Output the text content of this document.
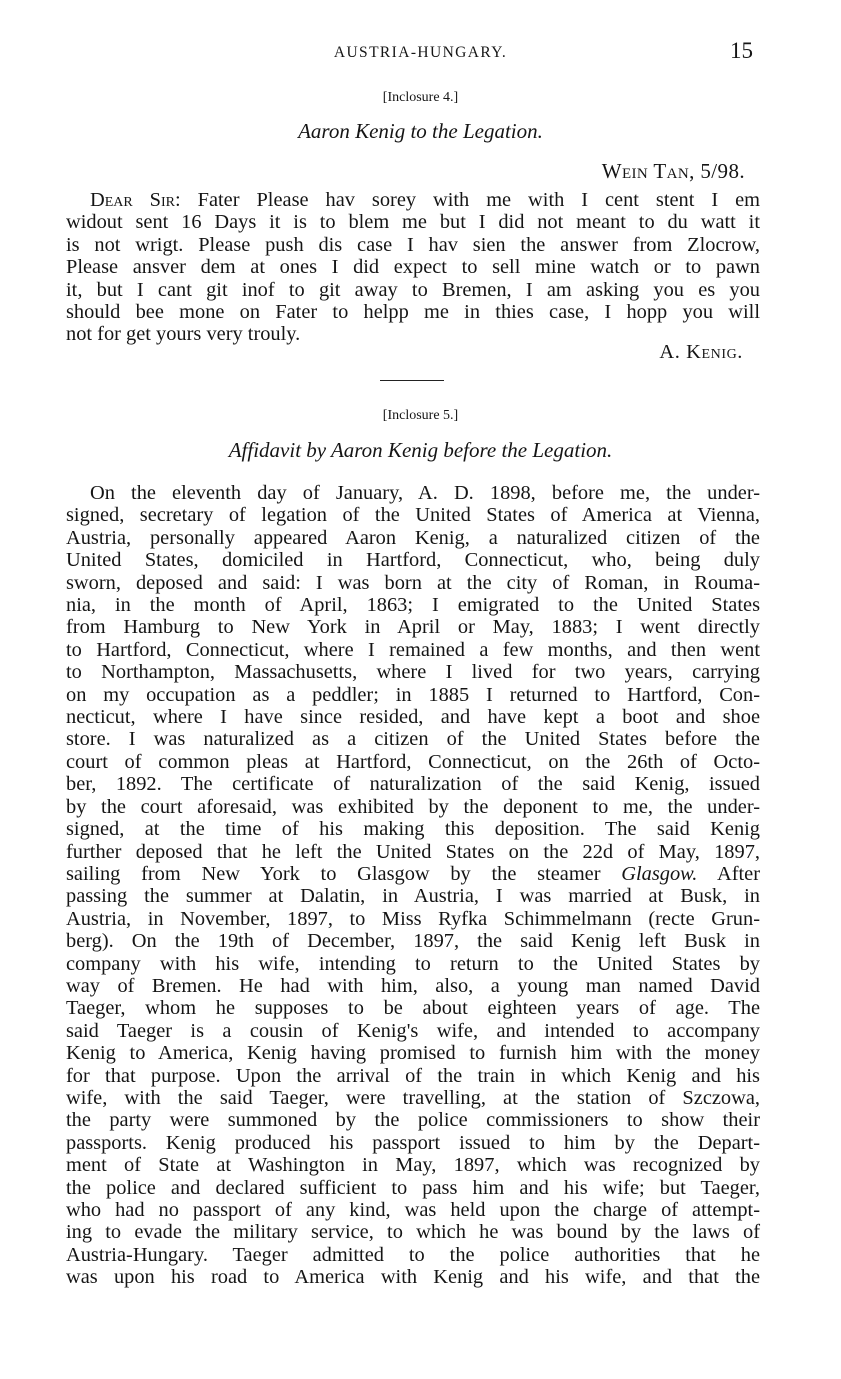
AUSTRIA-HUNGARY.	15
[Inclosure 4.]
Aaron Kenig to the Legation.
Wein Tan, 5/98.
Dear Sir: Fater Please hav sorey with me with I cent stent I em
widout sent 16 Days it is to blem me but I did not meant to du watt it
is not wrigt. Please push dis case I hav sien the answer from Zlocrow,
Please ansver dem at ones I did expect to sell mine watch or to pawn
it, but I cant git inof to git away to Bremen, I am asking you es you
should bee mone on Fater to helpp me in thies case, I hopp you will
not for get yours very trouly.
A. Kenig.
[Inclosure 5.]
Affidavit by Aaron Kenig before the Legation.
On the eleventh day of January, A. D. 1898, before me, the under-
signed, secretary of legation of the United States of America at Vienna,
Austria, personally appeared Aaron Kenig, a naturalized citizen of the
United States, domiciled in Hartford, Connecticut, who, being duly
sworn, deposed and said: I was born at the city of Roman, in Rouma-
nia, in the month of April, 1863; I emigrated to the United States
from Hamburg to New York in April or May, 1883; I went directly
to Hartford, Connecticut, where I remained a few months, and then went
to Northampton, Massachusetts, where I lived for two years, carrying
on my occupation as a peddler; in 1885 I returned to Hartford, Con-
necticut, where I have since resided, and have kept a boot and shoe
store. I was naturalized as a citizen of the United States before the
court of common pleas at Hartford, Connecticut, on the 26th of Octo-
ber, 1892. The certificate of naturalization of the said Kenig, issued
by the court aforesaid, was exhibited by the deponent to me, the under-
signed, at the time of his making this deposition. The said Kenig
further deposed that he left the United States on the 22d of May, 1897,
sailing from New York to Glasgow by the steamer Glasgow. After
passing the summer at Dalatin, in Austria, I was married at Busk, in
Austria, in November, 1897, to Miss Ryfka Schimmelmann (recte Grun-
berg). On the 19th of December, 1897, the said Kenig left Busk in
company with his wife, intending to return to the United States by
way of Bremen. He had with him, also, a young man named David
Taeger, whom he supposes to be about eighteen years of age. The
said Taeger is a cousin of Kenig's wife, and intended to accompany
Kenig to America, Kenig having promised to furnish him with the money
for that purpose. Upon the arrival of the train in which Kenig and his
wife, with the said Taeger, were travelling, at the station of Szczowa,
the party were summoned by the police commissioners to show their
passports. Kenig produced his passport issued to him by the Depart-
ment of State at Washington in May, 1897, which was recognized by
the police and declared sufficient to pass him and his wife; but Taeger,
who had no passport of any kind, was held upon the charge of attempt-
ing to evade the military service, to which he was bound by the laws of
Austria-Hungary. Taeger admitted to the police authorities that he
was upon his road to America with Kenig and his wife, and that the
